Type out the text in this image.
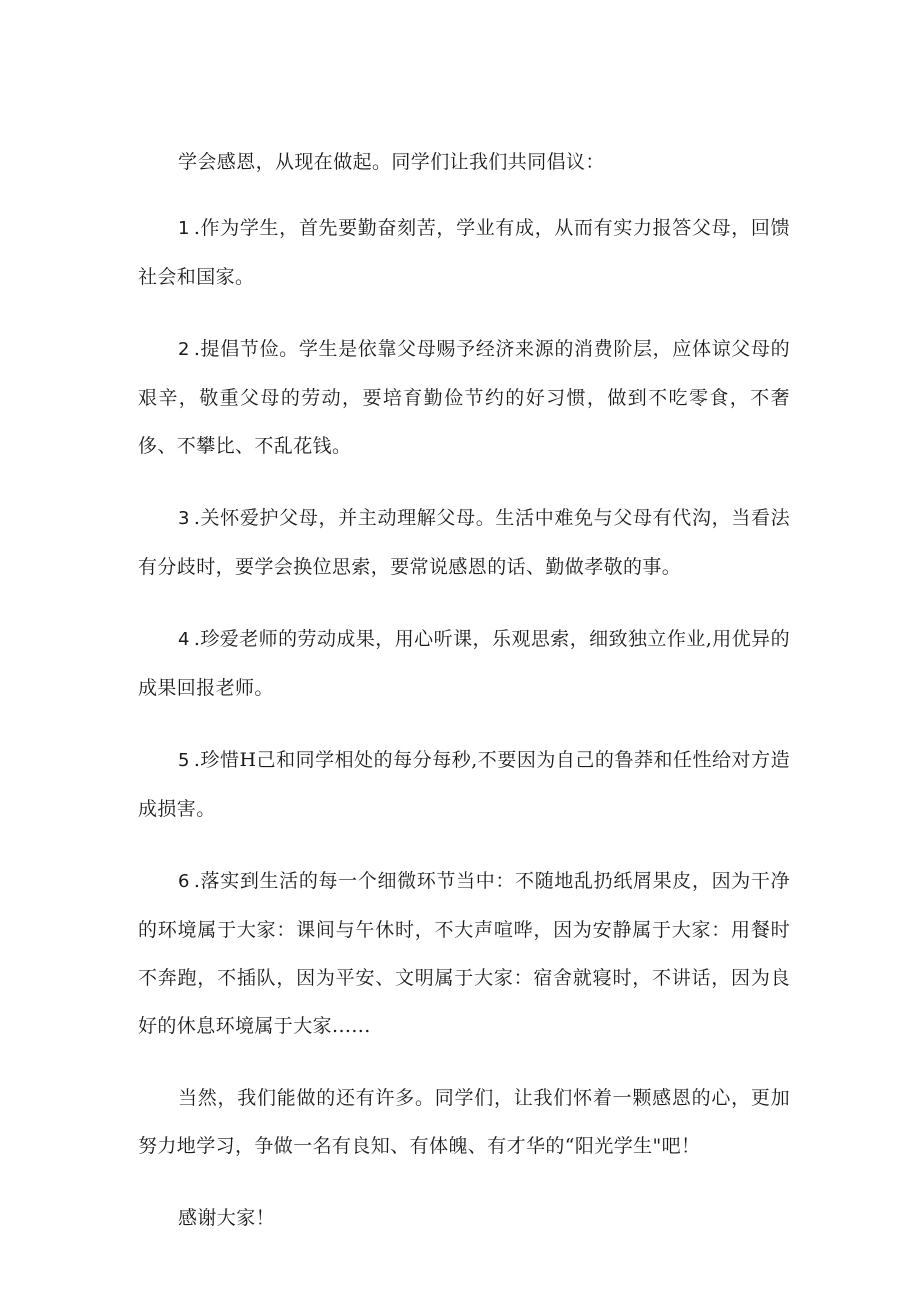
学会感恩，从现在做起。同学们让我们共同倡议：

1 .作为学生，首先要勤奋刻苦，学业有成，从而有实力报答父母，回馈社会和国家。

2 .提倡节俭。学生是依靠父母赐予经济来源的消费阶层，应体谅父母的艰辛，敬重父母的劳动，要培育勤俭节约的好习惯，做到不吃零食，不奢侈、不攀比、不乱花钱。

3 .关怀爱护父母，并主动理解父母。生活中难免与父母有代沟，当看法有分歧时，要学会换位思索，要常说感恩的话、勤做孝敬的事。

4 .珍爱老师的劳动成果，用心听课，乐观思索，细致独立作业,用优异的成果回报老师。

5 .珍惜H己和同学相处的每分每秒,不要因为自己的鲁莽和任性给对方造成损害。

6 .落实到生活的每一个细微环节当中：不随地乱扔纸屑果皮，因为干净的环境属于大家：课间与午休时，不大声喧哗，因为安静属于大家：用餐时不奔跑，不插队，因为平安、文明属于大家：宿舍就寝时，不讲话，因为良好的休息环境属于大家......

当然，我们能做的还有许多。同学们，让我们怀着一颗感恩的心，更加努力地学习，争做一名有良知、有体魄、有才华的“阳光学生"吧！

感谢大家！
